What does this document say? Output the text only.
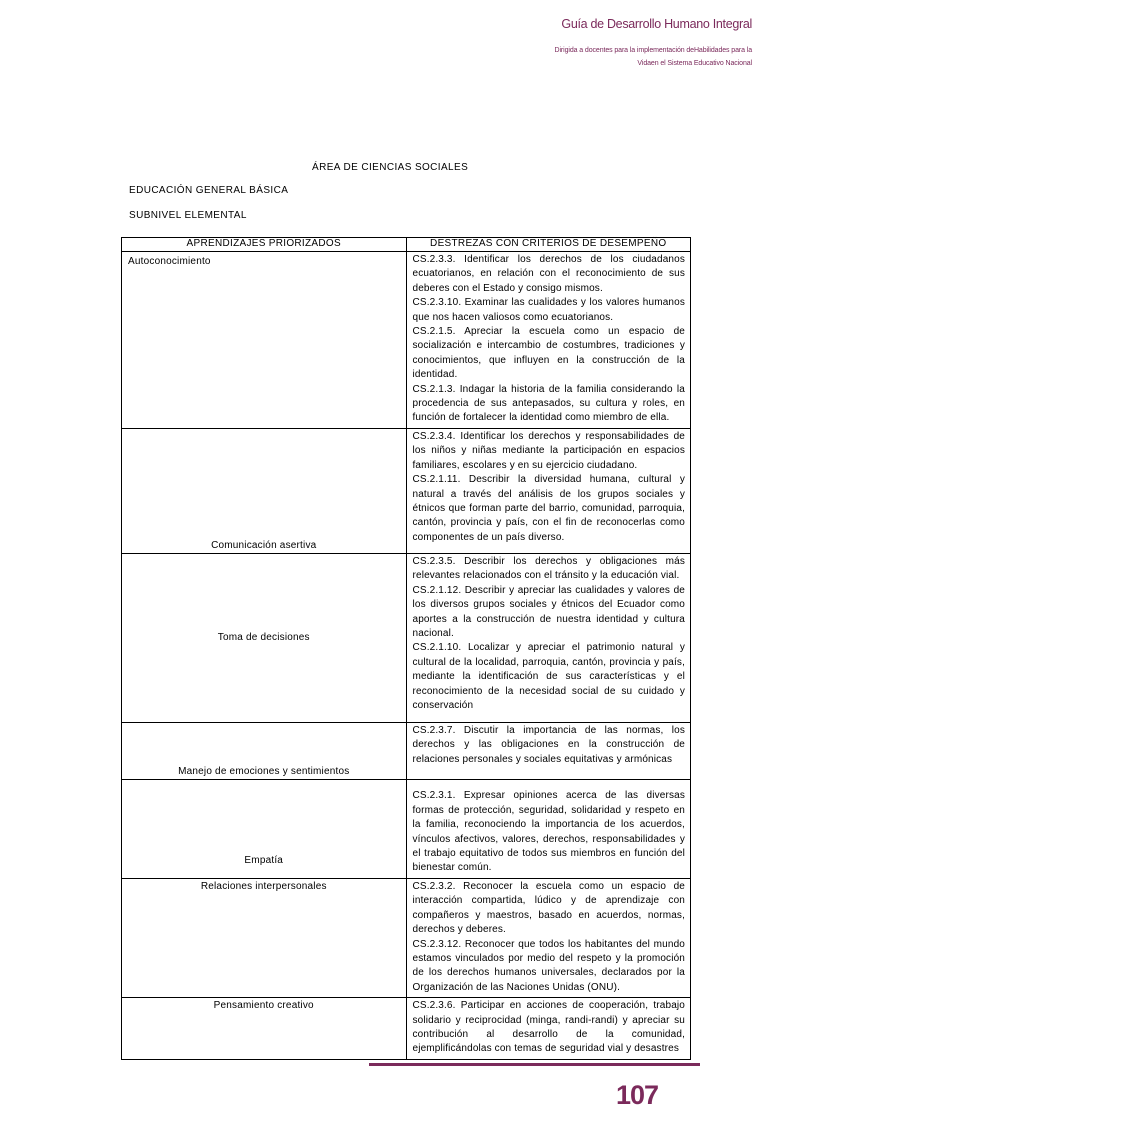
Guía de Desarrollo Humano Integral
Dirigida a docentes para la implementación deHabilidades para la
Vidaen el Sistema Educativo Nacional
ÁREA DE CIENCIAS SOCIALES
EDUCACIÓN GENERAL BÁSICA
SUBNIVEL ELEMENTAL
APRENDIZAJES PRIORIZADOS	DESTREZAS CON CRITERIOS DE DESEMPEÑO
Autoconocimiento	CS.2.3.3. Identificar los derechos de los ciudadanos ecuatorianos, en relación con el reconocimiento de sus deberes con el Estado y consigo mismos.

CS.2.3.10. Examinar las cualidades y los valores humanos que nos hacen valiosos como ecuatorianos.

CS.2.1.5. Apreciar la escuela como un espacio de socialización e intercambio de costumbres, tradiciones y conocimientos, que influyen en la construcción de la identidad.

CS.2.1.3. Indagar la historia de la familia considerando la procedencia de sus antepasados, su cultura y roles, en función de fortalecer la identidad como miembro de ella.

Comunicación asertiva	CS.2.3.4. Identificar los derechos y responsabilidades de los niños y niñas mediante la participación en espacios familiares, escolares y en su ejercicio ciudadano.

CS.2.1.11. Describir la diversidad humana, cultural y natural a través del análisis de los grupos sociales y étnicos que forman parte del barrio, comunidad, parroquia, cantón, provincia y país, con el fin de reconocerlas como componentes de un país diverso.

Toma de decisiones	CS.2.3.5. Describir los derechos y obligaciones más relevantes relacionados con el tránsito y la educación vial.

CS.2.1.12. Describir y apreciar las cualidades y valores de los diversos grupos sociales y étnicos del Ecuador como aportes a la construcción de nuestra identidad y cultura nacional.

CS.2.1.10. Localizar y apreciar el patrimonio natural y cultural de la localidad, parroquia, cantón, provincia y país, mediante la identificación de sus características y el reconocimiento de la necesidad social de su cuidado y conservación

Manejo de emociones y sentimientos	CS.2.3.7. Discutir la importancia de las normas, los derechos y las obligaciones en la construcción de relaciones personales y sociales equitativas y armónicas

Empatía	CS.2.3.1. Expresar opiniones acerca de las diversas formas de protección, seguridad, solidaridad y respeto en la familia, reconociendo la importancia de los acuerdos, vínculos afectivos, valores, derechos, responsabilidades y el trabajo equitativo de todos sus miembros en función del bienestar común.

Relaciones interpersonales	CS.2.3.2. Reconocer la escuela como un espacio de interacción compartida, lúdico y de aprendizaje con compañeros y maestros, basado en acuerdos, normas, derechos y deberes.

CS.2.3.12. Reconocer que todos los habitantes del mundo estamos vinculados por medio del respeto y la promoción de los derechos humanos universales, declarados por la Organización de las Naciones Unidas (ONU).

Pensamiento creativo	CS.2.3.6. Participar en acciones de cooperación, trabajo solidario y reciprocidad (minga, randi-randi) y apreciar su contribución al desarrollo de la comunidad, ejemplificándolas con temas de seguridad vial y desastres

107
